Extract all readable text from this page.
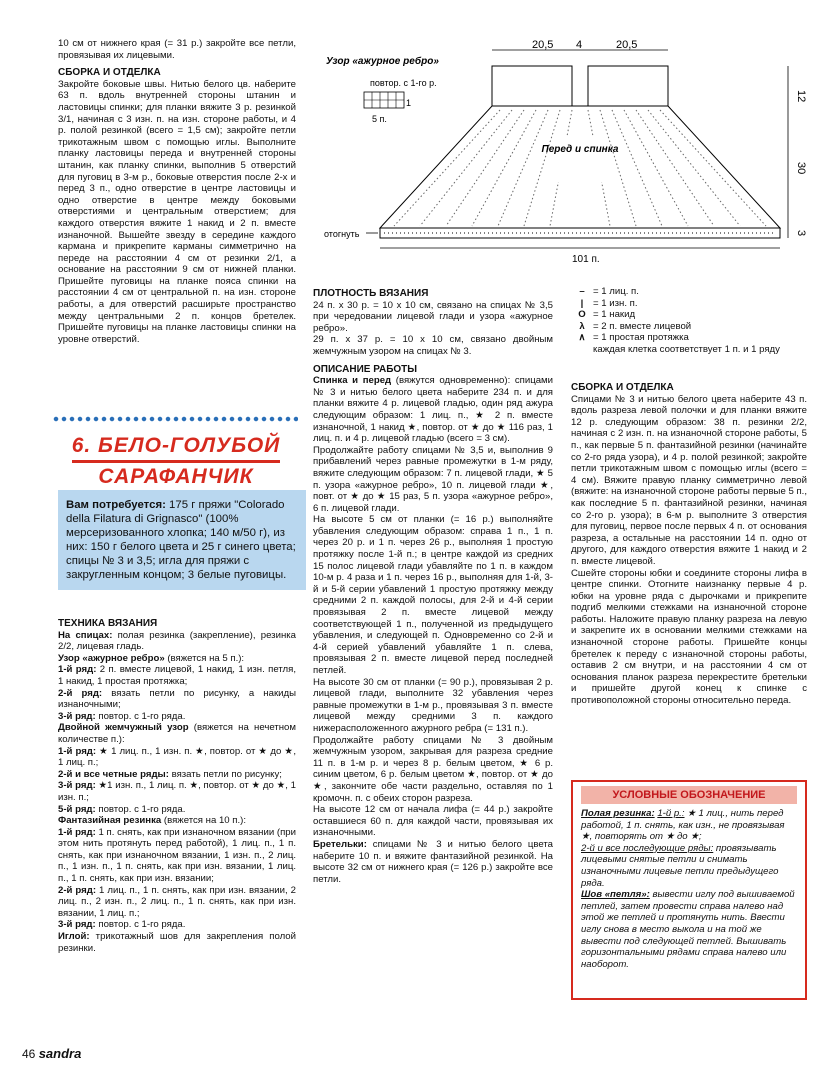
10 см от нижнего края (= 31 р.) закройте все петли, провязывая их лицевыми.

СБОРКА И ОТДЕЛКА

Закройте боковые швы. Нитью белого цв. наберите 63 п. вдоль внутренней стороны штанин и ластовицы спинки; для планки вяжите 3 р. резинкой 3/1, начиная с 3 изн. п. на изн. стороне работы, и 4 р. полой резинкой (всего = 1,5 см); закройте петли трикотажным швом с помощью иглы. Выполните планку ластовицы переда и внутренней стороны штанин, как планку спинки, выполнив 5 отверстий для пуговиц в 3-м р., боковые отверстия после 2-х и перед 3 п., одно отверстие в центре ластовицы и одно отверстие в центре между боковыми отверстиями и центральным отверстием; для каждого отверстия вяжите 1 накид и 2 п. вместе изнаночной. Вышейте звезду в середине каждого кармана и прикрепите карманы симметрично на переде на расстоянии 4 см от резинки 2/1, а основание на расстоянии 9 см от нижней планки. Пришейте пуговицы на планке пояса спинки на расстоянии 4 см от центральной п. на изн. стороне работы, а для отверстий расширьте пространство между центральными 2 п. концов бретелек. Пришейте пуговицы на планке ластовицы спинки на уровне отверстий.

6. БЕЛО-ГОЛУБОЙ
САРАФАНЧИК
Вам потребуется: 175 г пряжи "Colorado della Filatura di Grignasco" (100% мерсеризованного хлопка; 140 м/50 г), из них: 150 г белого цвета и 25 г синего цвета; спицы № 3 и 3,5; игла для пряжи с закругленным концом; 3 белые пуговицы.

ТЕХНИКА ВЯЗАНИЯ

На спицах: полая резинка (закрепление), резинка 2/2, лицевая гладь.

Узор «ажурное ребро» (вяжется на 5 п.):

1-й ряд: 2 п. вместе лицевой, 1 накид, 1 изн. петля, 1 накид, 1 простая протяжка;

2-й ряд: вязать петли по рисунку, а накиды изнаночными;

3-й ряд: повтор. с 1-го ряда.

Двойной жемчужный узор (вяжется на нечетном количестве п.):

1-й ряд: ★ 1 лиц. п., 1 изн. п. ★, повтор. от ★ до ★, 1 лиц. п.;

2-й и все четные ряды: вязать петли по рисунку;

3-й ряд: ★1 изн. п., 1 лиц. п. ★, повтор. от ★ до ★, 1 изн. п.;

5-й ряд: повтор. с 1-го ряда.

Фантазийная резинка (вяжется на 10 п.):

1-й ряд: 1 п. снять, как при изнаночном вязании (при этом нить протянуть перед работой), 1 лиц. п., 1 п. снять, как при изнаночном вязании, 1 изн. п., 2 лиц. п., 1 изн. п., 1 п. снять, как при изн. вязании, 1 лиц. п., 1 п. снять, как при изн. вязании;

2-й ряд: 1 лиц. п., 1 п. снять, как при изн. вязании, 2 лиц. п., 2 изн. п., 2 лиц. п., 1 п. снять, как при изн. вязании, 1 лиц. п.;

3-й ряд: повтор. с 1-го ряда.

Иглой: трикотажный шов для закрепления полой резинки.

Узор «ажурное ребро»
повтор. с 1-го р.
1
5 п.
20,5 4	20,5
Перед и спинка
отогнуть
101 п.
12
30
3

ПЛОТНОСТЬ ВЯЗАНИЯ

24 п. х 30 р. = 10 х 10 см, связано на спицах № 3,5 при чередовании лицевой глади и узора «ажурное ребро».

29 п. х 37 р. = 10 х 10 см, связано двойным жемчужным узором на спицах № 3.

ОПИСАНИЕ РАБОТЫ

Спинка и перед (вяжутся одновременно): спицами № 3 и нитью белого цвета наберите 234 п. и для планки вяжите 4 р. лицевой гладью, один ряд ажура следующим образом: 1 лиц. п., ★ 2 п. вместе изнаночной, 1 накид ★, повтор. от ★ до ★ 116 раз, 1 лиц. п. и 4 р. лицевой гладью (всего = 3 см).

Продолжайте работу спицами № 3,5 и, выполнив 9 прибавлений через равные промежутки в 1-м ряду, вяжите следующим образом: 7 п. лицевой глади, ★ 5 п. узора «ажурное ребро», 10 п. лицевой глади ★, повт. от ★ до ★ 15 раз, 5 п. узора «ажурное ребро», 6 п. лицевой глади.

На высоте 5 см от планки (= 16 р.) выполняйте убавления следующим образом: справа 1 п., 1 п. через 20 р. и 1 п. через 26 р., выполняя 1 простую протяжку после 1-й п.; в центре каждой из средних 15 полос лицевой глади убавляйте по 1 п. в каждом 10-м р. 4 раза и 1 п. через 16 р., выполняя для 1-й, 3-й и 5-й серии убавлений 1 простую протяжку между средними 2 п. каждой полосы, для 2-й и 4-й серии провязывая 2 п. вместе лицевой между соответствующей 1 п., полученной из предыдущего убавления, и следующей п. Одновременно со 2-й и 4-й серией убавлений убавляйте 1 п. слева, провязывая 2 п. вместе лицевой перед последней петлей.

На высоте 30 см от планки (= 90 р.), провязывая 2 р. лицевой глади, выполните 32 убавления через равные промежутки в 1-м р., провязывая 3 п. вместе лицевой между средними 3 п. каждого нижерасположенного ажурного ребра (= 131 п.).

Продолжайте работу спицами № 3 двойным жемчужным узором, закрывая для разреза средние 11 п. в 1-м р. и через 8 р. белым цветом, ★ 6 р. синим цветом, 6 р. белым цветом ★, повтор. от ★ до ★, закончите обе части раздельно, оставляя по 1 кромочн. п. с обеих сторон разреза.

На высоте 12 см от начала лифа (= 44 р.) закройте оставшиеся 60 п. для каждой части, провязывая их изнаночными.

Бретельки: спицами № 3 и нитью белого цвета наберите 10 п. и вяжите фантазийной резинкой. На высоте 32 см от нижнего края (= 126 р.) закройте все петли.

– = 1 лиц. п.
|	= 1 изн. п.
O = 1 накид
λ = 2 п. вместе лицевой
∧ = 1 простая протяжка
каждая клетка соответствует 1 п. и 1 ряду

СБОРКА И ОТДЕЛКА

Спицами № 3 и нитью белого цвета наберите 43 п. вдоль разреза левой полочки и для планки вяжите 12 р. следующим образом: 38 п. резинки 2/2, начиная с 2 изн. п. на изнаночной стороне работы, 5 п., как первые 5 п. фантазийной резинки (начинайте со 2-го ряда узора), и 4 р. полой резинкой; закройте петли трикотажным швом с помощью иглы (всего = 4 см). Вяжите правую планку симметрично левой (вяжите: на изнаночной стороне работы первые 5 п., как последние 5 п. фантазийной резинки, начиная со 2-го р. узора); в 6-м р. выполните 3 отверстия для пуговиц, первое после первых 4 п. от основания разреза, а остальные на расстоянии 14 п. одно от другого, для каждого отверстия вяжите 1 накид и 2 п. вместе лицевой.

Сшейте стороны юбки и соедините стороны лифа в центре спинки. Отогните наизнанку первые 4 р. юбки на уровне ряда с дырочками и прикрепите подгиб мелкими стежками на изнаночной стороне работы. Наложите правую планку разреза на левую и закрепите их в основании мелкими стежками на изнаночной стороне работы. Пришейте концы бретелек к переду с изнаночной стороны работы, оставив 2 см внутри, и на расстоянии 4 см от основания планок разреза перекрестите бретельки и пришейте другой конец к спинке с противоположной стороны относительно переда.

УСЛОВНЫЕ ОБОЗНАЧЕНИЕ
Полая резинка: 1-й р.: ★ 1 лиц., нить перед работой, 1 п. снять, как изн., не провязывая ★, повторять от ★ до ★;
2-й и все последующие ряды: провязывать лицевыми снятые петли и снимать изнаночными лицевые петли предыдущего ряда.
Шов «петля»: вывести иглу под вышиваемой петлей, затем провести справа налево над этой же петлей и протянуть нить. Ввести иглу снова в место выкола и на той же вывести под следующей петлей. Вышивать горизонтальными рядами справа налево или наоборот.
46 sandra
